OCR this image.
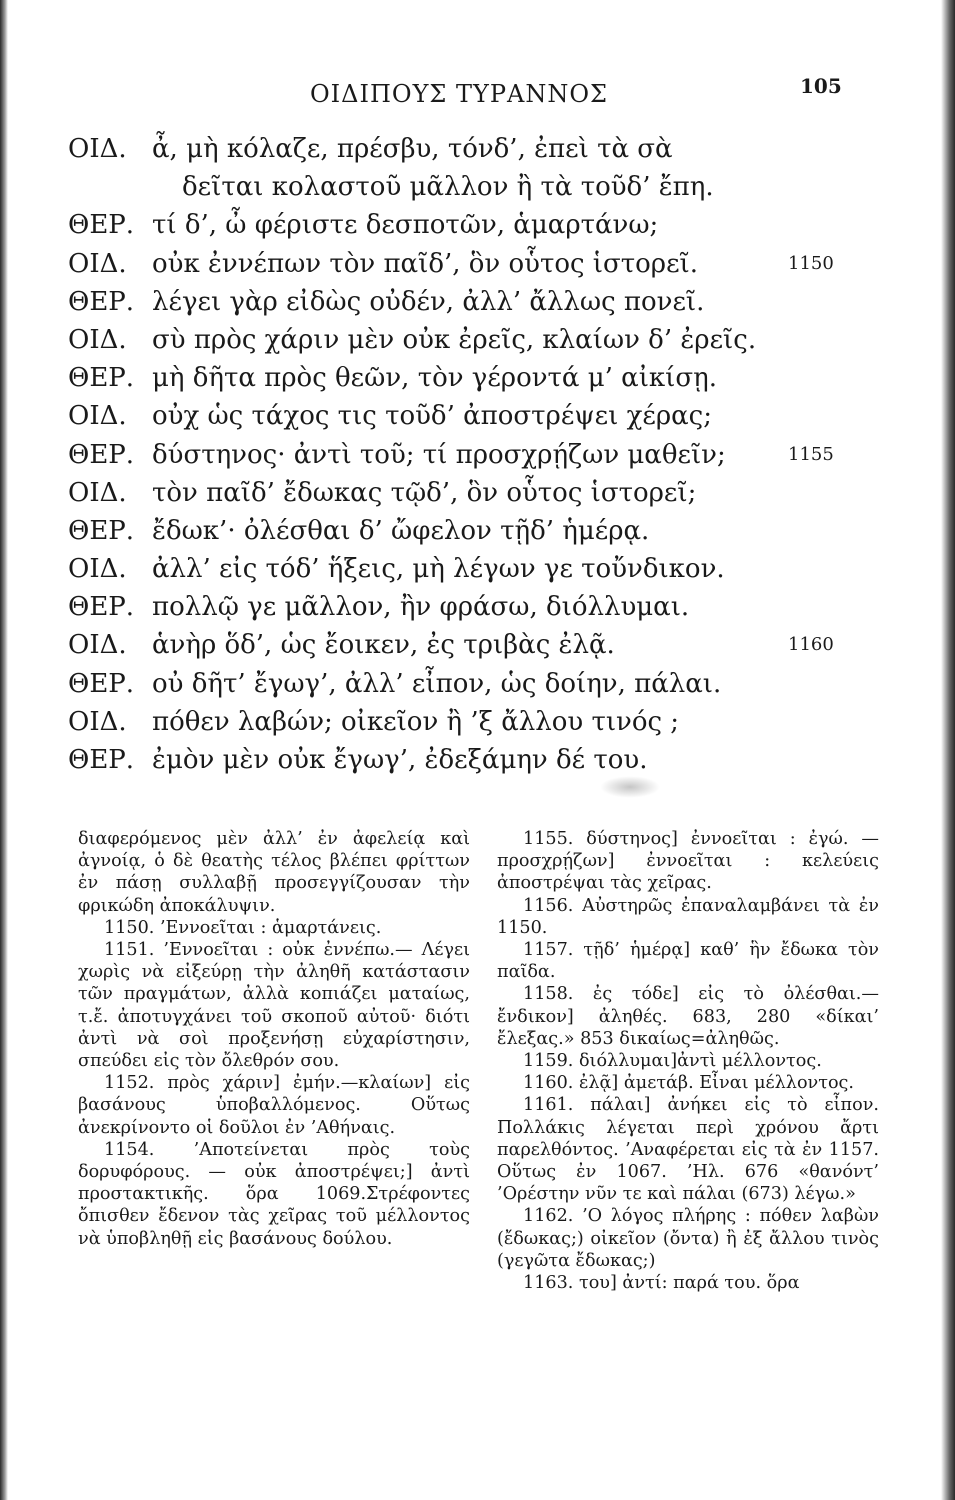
ΟΙΔΙΠΟΥΣ ΤΥΡΑΝΝΟΣ	105
ΟΙΔ. ἆ, μὴ κόλαζε, πρέσβυ, τόνδ’, ἐπεὶ τὰ σὰ
δεῖται κολαστοῦ μᾶλλον ἢ τὰ τοῦδ’ ἔπη.
ΘΕΡ. τί δ’, ὦ φέριστε δεσποτῶν, ἁμαρτάνω;
ΟΙΔ. οὐκ ἐννέπων τὸν παῖδ’, ὃν οὗτος ἱστορεῖ.	1150
ΘΕΡ. λέγει γὰρ εἰδὼς οὐδέν, ἀλλ’ ἄλλως πονεῖ.
ΟΙΔ. σὺ πρὸς χάριν μὲν οὐκ ἐρεῖς, κλαίων δ’ ἐρεῖς.
ΘΕΡ. μὴ δῆτα πρὸς θεῶν, τὸν γέροντά μ’ αἰκίσῃ.
ΟΙΔ. οὐχ ὡς τάχος τις τοῦδ’ ἀποστρέψει χέρας;
ΘΕΡ. δύστηνος· ἀντὶ τοῦ; τί προσχρῄζων μαθεῖν;	1155
ΟΙΔ. τὸν παῖδ’ ἔδωκας τῷδ’, ὃν οὗτος ἱστορεῖ;
ΘΕΡ. ἔδωκ’· ὀλέσθαι δ’ ὤφελον τῇδ’ ἡμέρᾳ.
ΟΙΔ. ἀλλ’ εἰς τόδ’ ἥξεις, μὴ λέγων γε τοὔνδικον.
ΘΕΡ. πολλῷ γε μᾶλλον, ἢν φράσω, διόλλυμαι.
ΟΙΔ. ἁνὴρ ὅδ’, ὡς ἔοικεν, ἐς τριβὰς ἐλᾷ.	1160
ΘΕΡ. οὐ δῆτ’ ἔγωγ’, ἀλλ’ εἶπον, ὡς δοίην, πάλαι.
ΟΙΔ. πόθεν λαβών; οἰκεῖον ἢ ’ξ ἄλλου τινός ;
ΘΕΡ. ἐμὸν μὲν οὐκ ἔγωγ’, ἐδεξάμην δέ του.

διαφερόμενος μὲν ἀλλ’ ἐν ἀφελείᾳ καὶ ἀγνοίᾳ, ὁ δὲ θεατὴς τέλος βλέπει φρίττων ἐν πάσῃ συλλαβῇ προσεγγίζουσαν τὴν φρικώδη ἀποκάλυψιν.

1150. ’Εννοεῖται : ἁμαρτάνεις.

1151. ’Εννοεῖται : οὐκ ἐννέπω.— Λέγει χωρὶς νὰ εἰξεύρῃ τὴν ἀληθῆ κατάστασιν τῶν πραγμάτων, ἀλλὰ κοπιάζει ματαίως, τ.ἔ. ἀποτυγχάνει τοῦ σκοποῦ αὐτοῦ· διότι ἀντὶ νὰ σοὶ προξενήσῃ εὐχαρίστησιν, σπεύδει εἰς τὸν ὄλεθρόν σου.

1152. πρὸς χάριν] ἐμήν.—κλαίων] εἰς βασάνους ὑποβαλλόμενος. Οὕτως ἀνεκρίνοντο οἱ δοῦλοι ἐν ’Αθήναις.

1154. ’Αποτείνεται πρὸς τοὺς δορυφόρους. — οὐκ ἀποστρέψει;] ἀντὶ προστακτικῆς. ὅρα 1069.Στρέφοντες ὄπισθεν ἔδενον τὰς χεῖρας τοῦ μέλλοντος νὰ ὑποβληθῇ εἰς βασάνους δούλου.

1155. δύστηνος] ἐννοεῖται : ἐγώ. —προσχρῄζων] ἐννοεῖται : κελεύεις ἀποστρέψαι τὰς χεῖρας.

1156. Αὐστηρῶς ἐπαναλαμβάνει τὰ ἐν 1150.

1157. τῇδ’ ἡμέρᾳ] καθ’ ἣν ἔδωκα τὸν παῖδα.

1158. ἐς τόδε] εἰς τὸ ὀλέσθαι.— ἔνδικον] ἀληθές. 683, 280 «δίκαι’ ἔλεξας.» 853 δικαίως=ἀληθῶς.

1159. διόλλυμαι]ἀντὶ μέλλοντος.

1160. ἐλᾷ] ἀμετάβ. Εἶναι μέλλοντος.

1161. πάλαι] ἀνήκει εἰς τὸ εἶπον. Πολλάκις λέγεται περὶ χρόνου ἄρτι παρελθόντος. ’Αναφέρεται εἰς τὰ ἐν 1157. Οὕτως ἐν 1067. ’Ηλ. 676 «θανόντ’ ’Ορέστην νῦν τε καὶ πάλαι (673) λέγω.»

1162. ’Ο λόγος πλήρης : πόθεν λαβὼν (ἔδωκας;) οἰκεῖον (ὄντα) ἢ ἐξ ἄλλου τινὸς (γεγῶτα ἔδωκας;)

1163. του] ἀντί: παρά του. ὅρα
